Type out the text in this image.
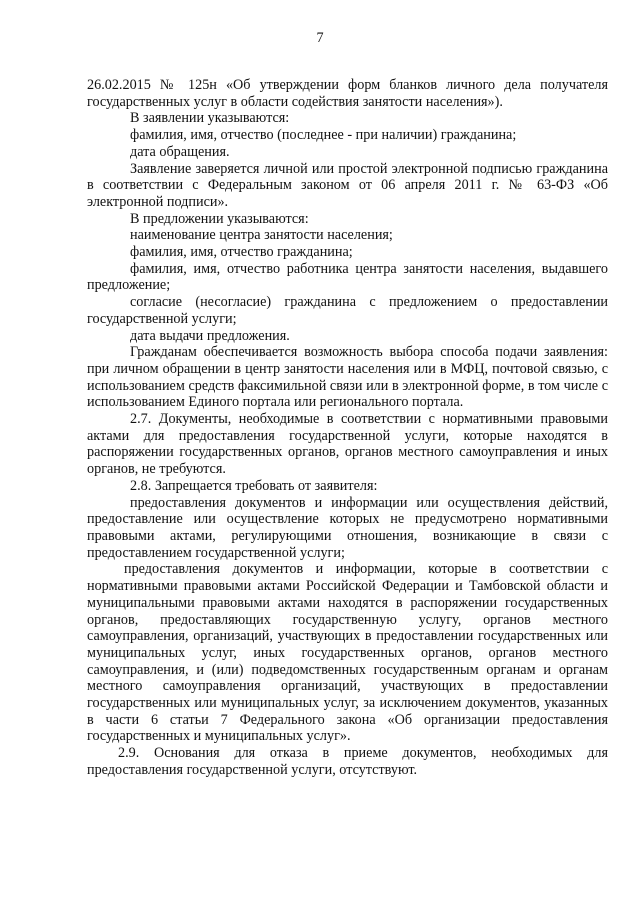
7

26.02.2015 № 125н «Об утверждении форм бланков личного дела получателя государственных услуг в области содействия занятости населения»).

В заявлении указываются:

фамилия, имя, отчество (последнее - при наличии) гражданина;

дата обращения.

Заявление заверяется личной или простой электронной подписью гражданина в соответствии с Федеральным законом от 06 апреля 2011 г. № 63-ФЗ «Об электронной подписи».

В предложении указываются:

наименование центра занятости населения;

фамилия, имя, отчество гражданина;

фамилия, имя, отчество работника центра занятости населения, выдавшего предложение;

согласие (несогласие) гражданина с предложением о предоставлении государственной услуги;

дата выдачи предложения.

Гражданам обеспечивается возможность выбора способа подачи заявления: при личном обращении в центр занятости населения или в МФЦ, почтовой связью, с использованием средств факсимильной связи или в электронной форме, в том числе с использованием Единого портала или регионального портала.

2.7. Документы, необходимые в соответствии с нормативными правовыми актами для предоставления государственной услуги, которые находятся в распоряжении государственных органов, органов местного самоуправления и иных органов, не требуются.

2.8. Запрещается требовать от заявителя:

предоставления документов и информации или осуществления действий, предоставление или осуществление которых не предусмотрено нормативными правовыми актами, регулирующими отношения, возникающие в связи с предоставлением государственной услуги;

предоставления документов и информации, которые в соответствии с нормативными правовыми актами Российской Федерации и Тамбовской области и муниципальными правовыми актами находятся в распоряжении государственных органов, предоставляющих государственную услугу, органов местного самоуправления, организаций, участвующих в предоставлении государственных или муниципальных услуг, иных государственных органов, органов местного самоуправления, и (или) подведомственных государственным органам и органам местного самоуправления организаций, участвующих в предоставлении государственных или муниципальных услуг, за исключением документов, указанных в части 6 статьи 7 Федерального закона «Об организации предоставления государственных и муниципальных услуг».

2.9. Основания для отказа в приеме документов, необходимых для предоставления государственной услуги, отсутствуют.
